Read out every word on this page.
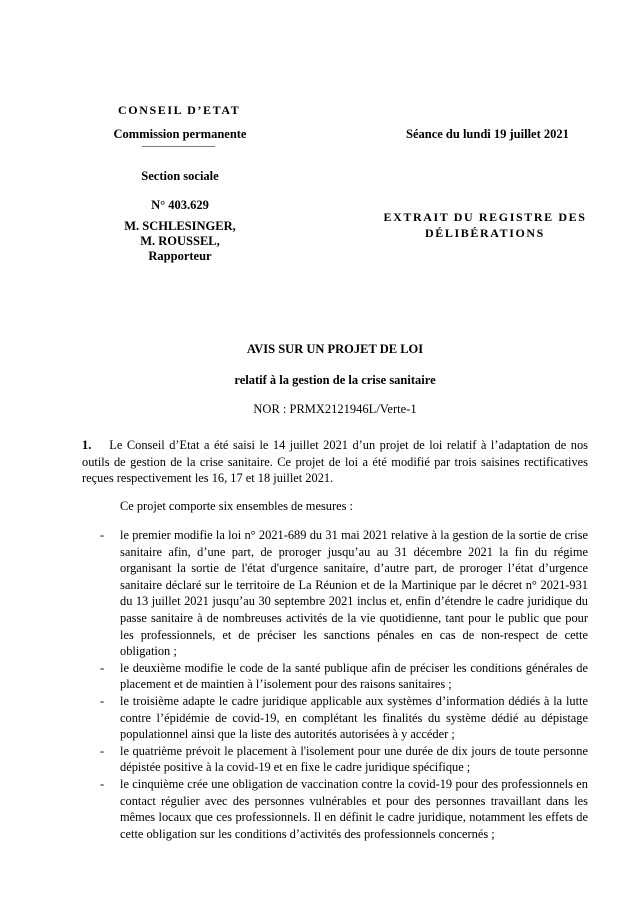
CONSEIL D’ETAT
Commission permanente
————————
Section sociale
N° 403.629
M. SCHLESINGER,
M. ROUSSEL,
Rapporteur
Séance du lundi 19 juillet 2021
EXTRAIT DU REGISTRE DES
DÉLIBÉRATIONS
AVIS SUR UN PROJET DE LOI
relatif à la gestion de la crise sanitaire
NOR : PRMX2121946L/Verte-1
1. Le Conseil d’Etat a été saisi le 14 juillet 2021 d’un projet de loi relatif à l’adaptation de nos outils de gestion de la crise sanitaire. Ce projet de loi a été modifié par trois saisines rectificatives reçues respectivement les 16, 17 et 18 juillet 2021.
Ce projet comporte six ensembles de mesures :
- le premier modifie la loi n° 2021-689 du 31 mai 2021 relative à la gestion de la sortie de crise sanitaire afin, d’une part, de proroger jusqu’au au 31 décembre 2021 la fin du régime organisant la sortie de l'état d'urgence sanitaire, d’autre part, de proroger l’état d’urgence sanitaire déclaré sur le territoire de La Réunion et de la Martinique par le décret n° 2021-931 du 13 juillet 2021 jusqu’au 30 septembre 2021 inclus et, enfin d’étendre le cadre juridique du passe sanitaire à de nombreuses activités de la vie quotidienne, tant pour le public que pour les professionnels, et de préciser les sanctions pénales en cas de non-respect de cette obligation ;
- le deuxième modifie le code de la santé publique afin de préciser les conditions générales de placement et de maintien à l’isolement pour des raisons sanitaires ;
- le troisième adapte le cadre juridique applicable aux systèmes d’information dédiés à la lutte contre l’épidémie de covid-19, en complétant les finalités du système dédié au dépistage populationnel ainsi que la liste des autorités autorisées à y accéder ;
- le quatrième prévoit le placement à l'isolement pour une durée de dix jours de toute personne dépistée positive à la covid-19 et en fixe le cadre juridique spécifique ;
- le cinquième crée une obligation de vaccination contre la covid-19 pour des professionnels en contact régulier avec des personnes vulnérables et pour des personnes travaillant dans les mêmes locaux que ces professionnels. Il en définit le cadre juridique, notamment les effets de cette obligation sur les conditions d’activités des professionnels concernés ;
